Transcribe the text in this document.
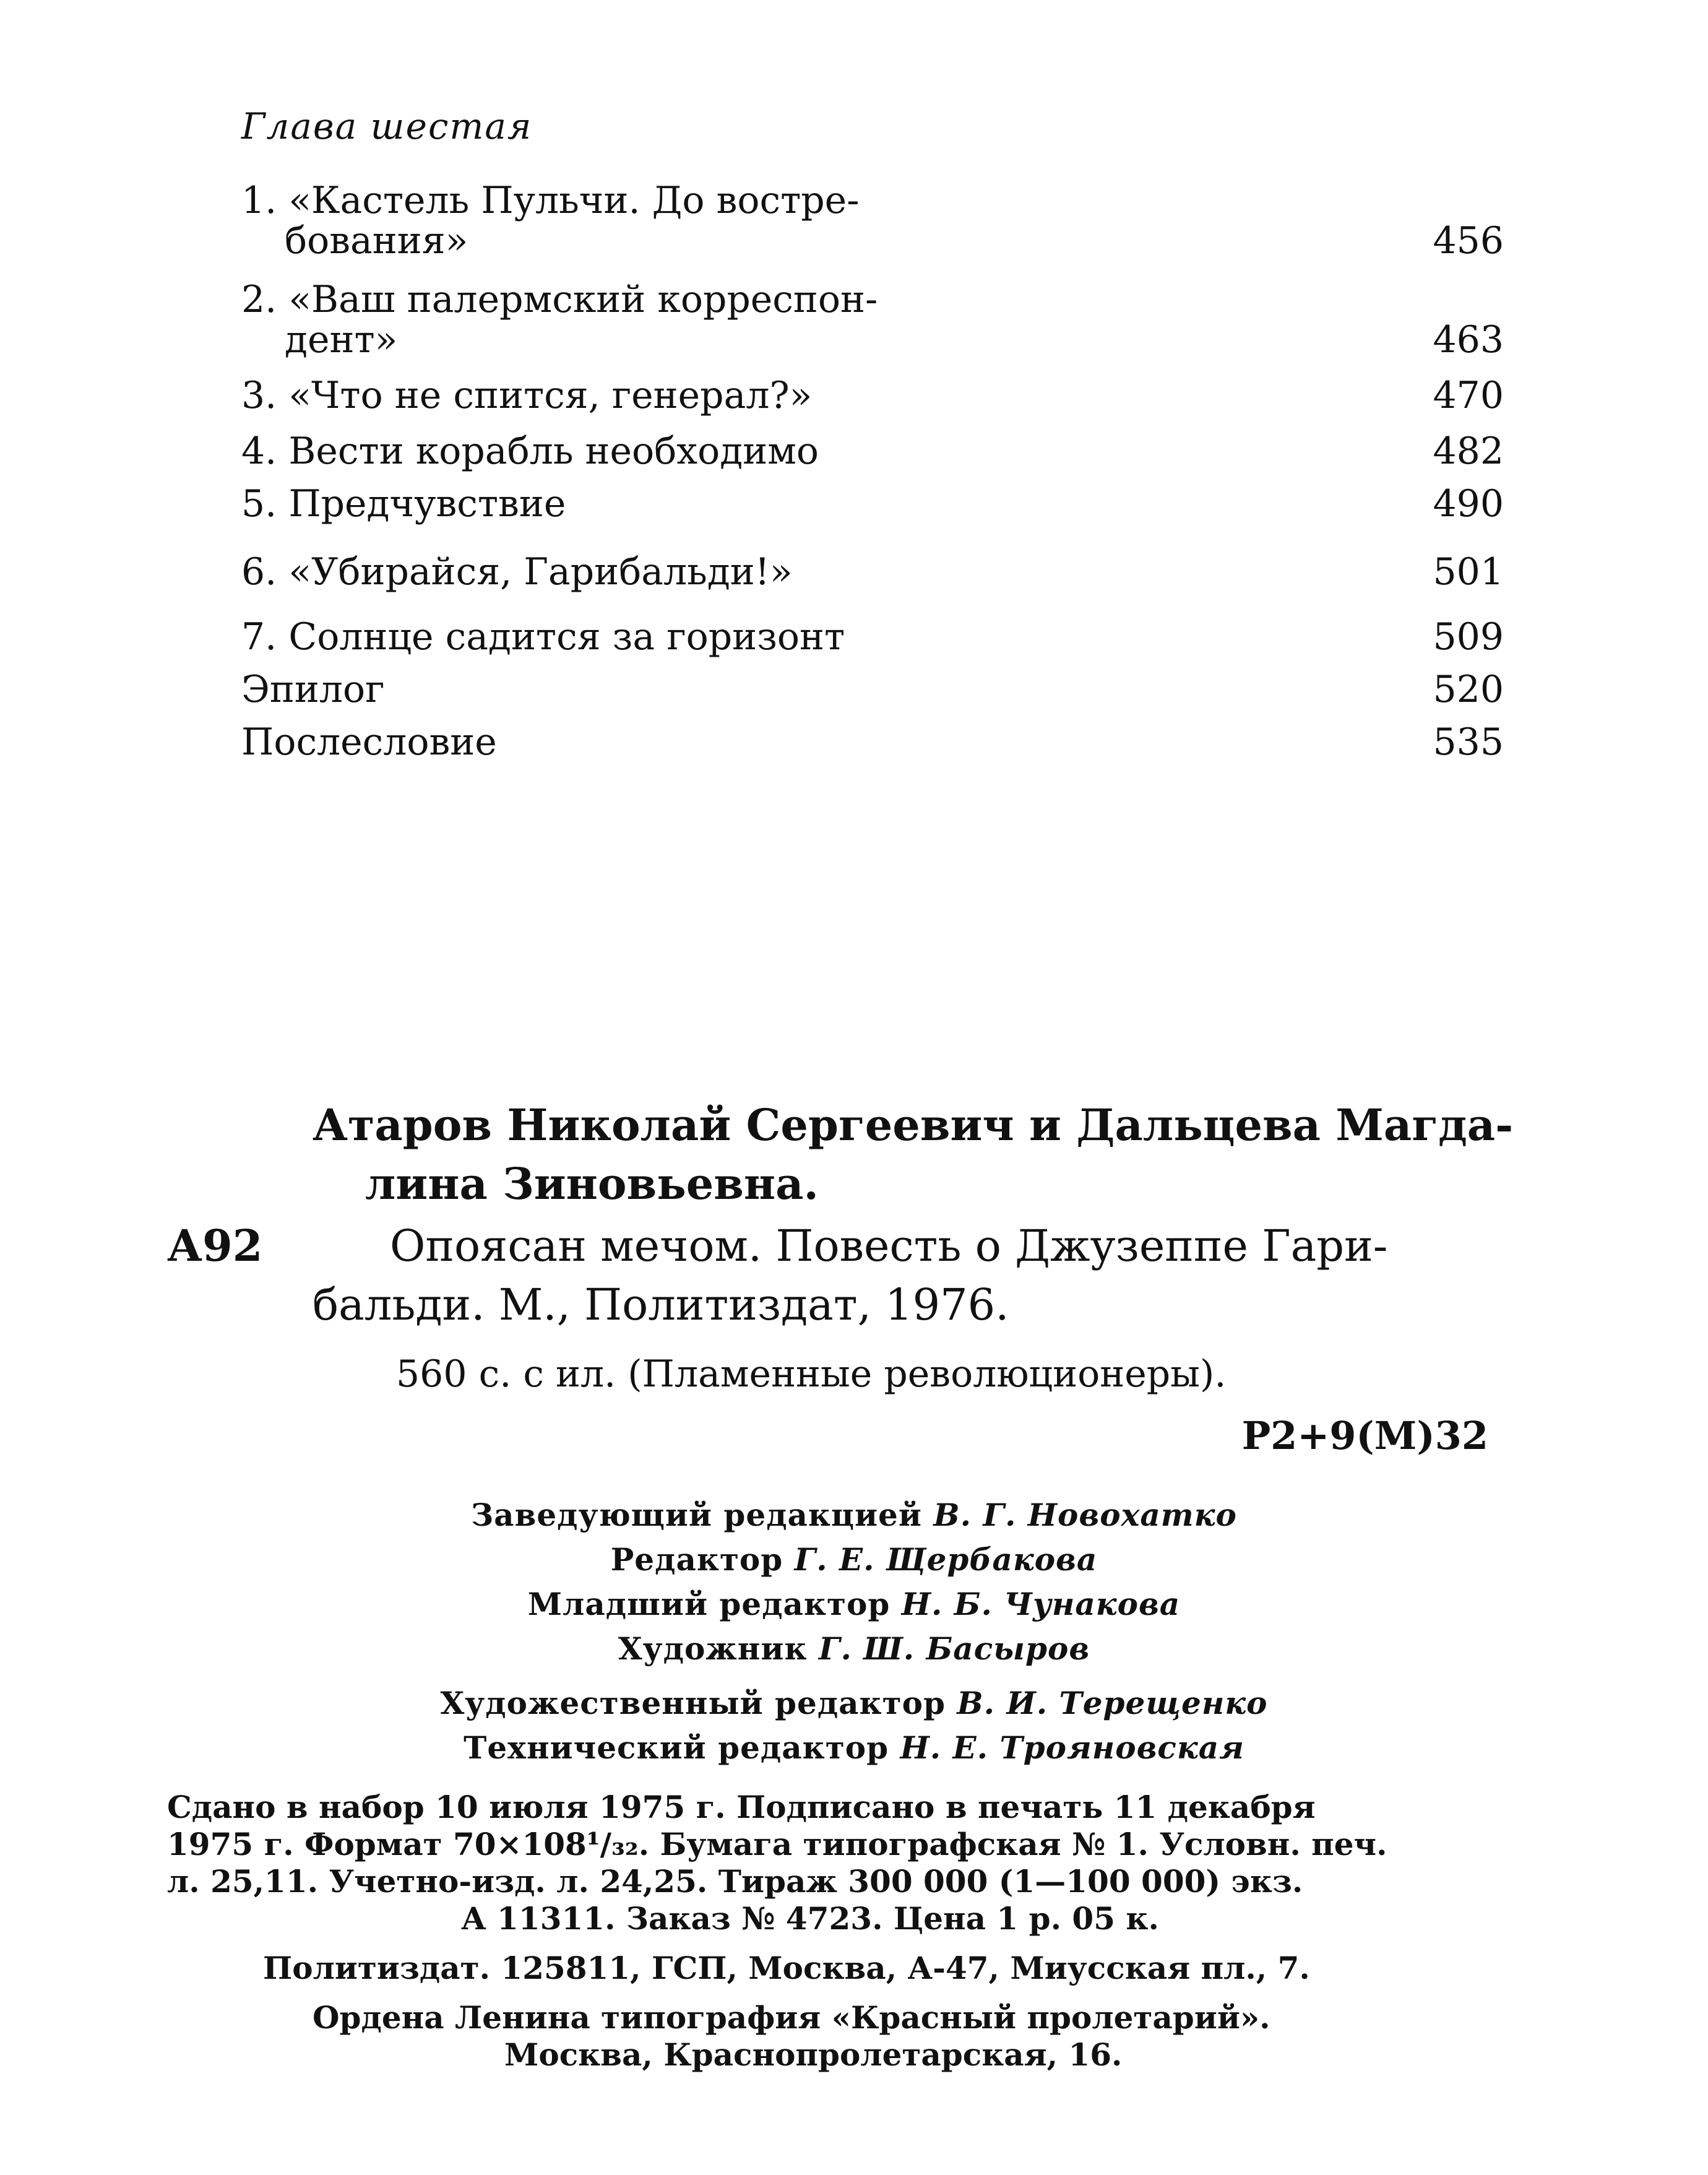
Глава шестая
1. «Кастель Пульчи. До востре-
бования»	456
2. «Ваш палермский корреспон-
дент»	463
3. «Что не спится, генерал?»	470
4. Вести корабль необходимо	482
5. Предчувствие	490
6. «Убирайся, Гарибальди!»	501
7. Солнце садится за горизонт	509
Эпилог	520
Послесловие	535
Атаров Николай Сергеевич и Дальцева Магда-
лина Зиновьевна.
А92	Опоясан мечом. Повесть о Джузеппе Гари-
бальди. М., Политиздат, 1976.
560 с. с ил. (Пламенные революционеры).
Р2+9(М)32
Заведующий редакцией В. Г. Новохатко
Редактор Г. Е. Щербакова
Младший редактор Н. Б. Чунакова
Художник Г. Ш. Басыров
Художественный редактор В. И. Терещенко
Технический редактор Н. Е. Трояновская
Сдано в набор 10 июля 1975 г. Подписано в печать 11 декабря
1975 г. Формат 70×108¹/₃₂. Бумага типографская № 1. Условн. печ.
л. 25,11. Учетно-изд. л. 24,25. Тираж 300 000 (1—100 000) экз.
А 11311. Заказ № 4723. Цена 1 р. 05 к.
Политиздат. 125811, ГСП, Москва, А-47, Миусская пл., 7.
Ордена Ленина типография «Красный пролетарий».
Москва, Краснопролетарская, 16.
